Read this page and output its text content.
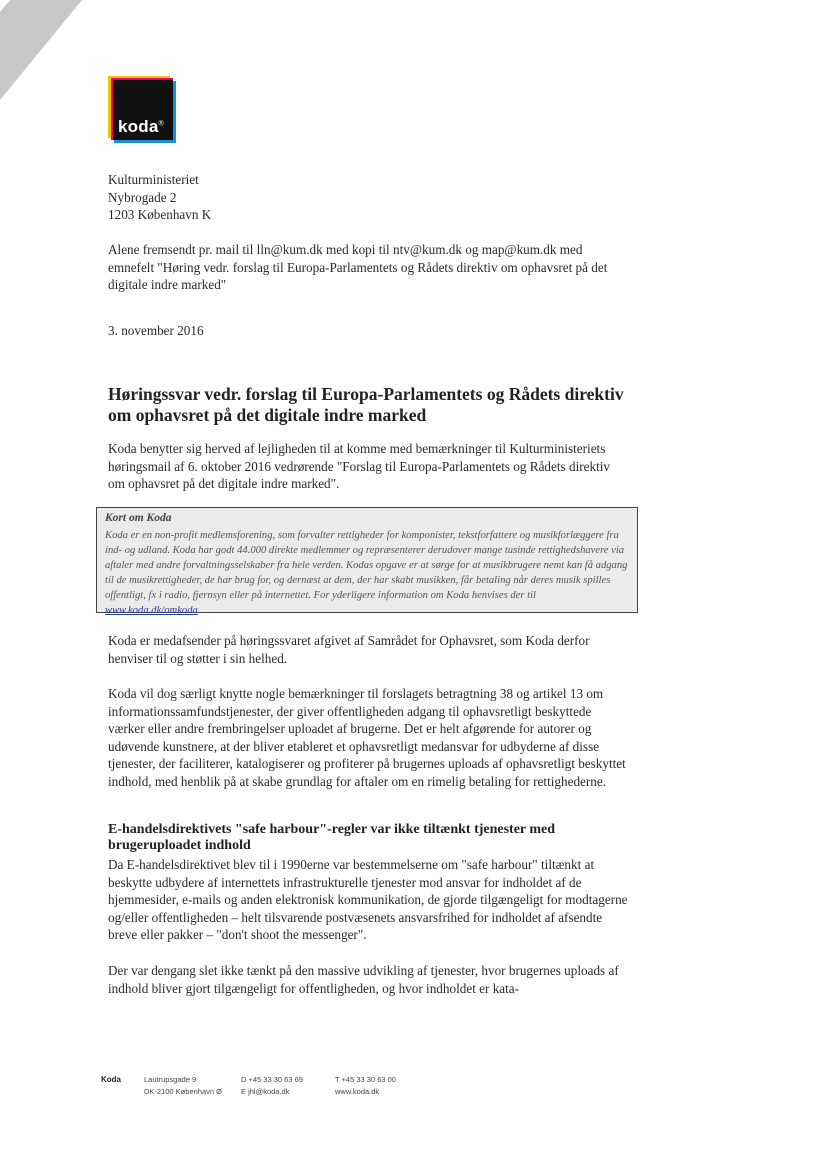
koda®
Kulturministeriet
Nybrogade 2
1203 København K
Alene fremsendt pr. mail til lln@kum.dk med kopi til ntv@kum.dk og map@kum.dk med emnefelt "Høring vedr. forslag til Europa-Parlamentets og Rådets direktiv om ophavsret på det digitale indre marked"
3. november 2016
Høringssvar vedr. forslag til Europa-Parlamentets og Rådets direktiv om ophavsret på det digitale indre marked
Koda benytter sig herved af lejligheden til at komme med bemærkninger til Kulturministeriets høringsmail af 6. oktober 2016 vedrørende "Forslag til Europa-Parlamentets og Rådets direktiv om ophavsret på det digitale indre marked".
Kort om Koda
Koda er en non-profit medlemsforening, som forvalter rettigheder for komponister, tekstforfattere og musikforlæggere fra ind- og udland. Koda har godt 44.000 direkte medlemmer og repræsenterer derudover mange tusinde rettighedshavere via aftaler med andre forvaltningsselskaber fra hele verden. Kodas opgave er at sørge for at musikbrugere nemt kan få adgang til de musikrettigheder, de har brug for, og dernæst at dem, der har skabt musikken, får betaling når deres musik spilles offentligt, fx i radio, fjernsyn eller på internettet. For yderligere information om Koda henvises der til www.koda.dk/omkoda.
Koda er medafsender på høringssvaret afgivet af Samrådet for Ophavsret, som Koda derfor henviser til og støtter i sin helhed.
Koda vil dog særligt knytte nogle bemærkninger til forslagets betragtning 38 og artikel 13 om informationssamfundstjenester, der giver offentligheden adgang til ophavsretligt beskyttede værker eller andre frembringelser uploadet af brugerne. Det er helt afgørende for autorer og udøvende kunstnere, at der bliver etableret et ophavsretligt medansvar for udbyderne af disse tjenester, der faciliterer, katalogiserer og profiterer på brugernes uploads af ophavsretligt beskyttet indhold, med henblik på at skabe grundlag for aftaler om en rimelig betaling for rettighederne.
E-handelsdirektivets "safe harbour"-regler var ikke tiltænkt tjenester med brugeruploadet indhold
Da E-handelsdirektivet blev til i 1990erne var bestemmelserne om "safe harbour" tiltænkt at beskytte udbydere af internettets infrastrukturelle tjenester mod ansvar for indholdet af de hjemmesider, e-mails og anden elektronisk kommunikation, de gjorde tilgængeligt for modtagerne og/eller offentligheden – helt tilsvarende postvæsenets ansvarsfrihed for indholdet af afsendte breve eller pakker – "don't shoot the messenger".
Der var dengang slet ikke tænkt på den massive udvikling af tjenester, hvor brugernes uploads af indhold bliver gjort tilgængeligt for offentligheden, og hvor indholdet er kata-
Koda	Lautrupsgade 9
DK-2100 København Ø
D +45 33 30 63 69
E jhl@koda.dk
T +45 33 30 63 00
www.koda.dk
